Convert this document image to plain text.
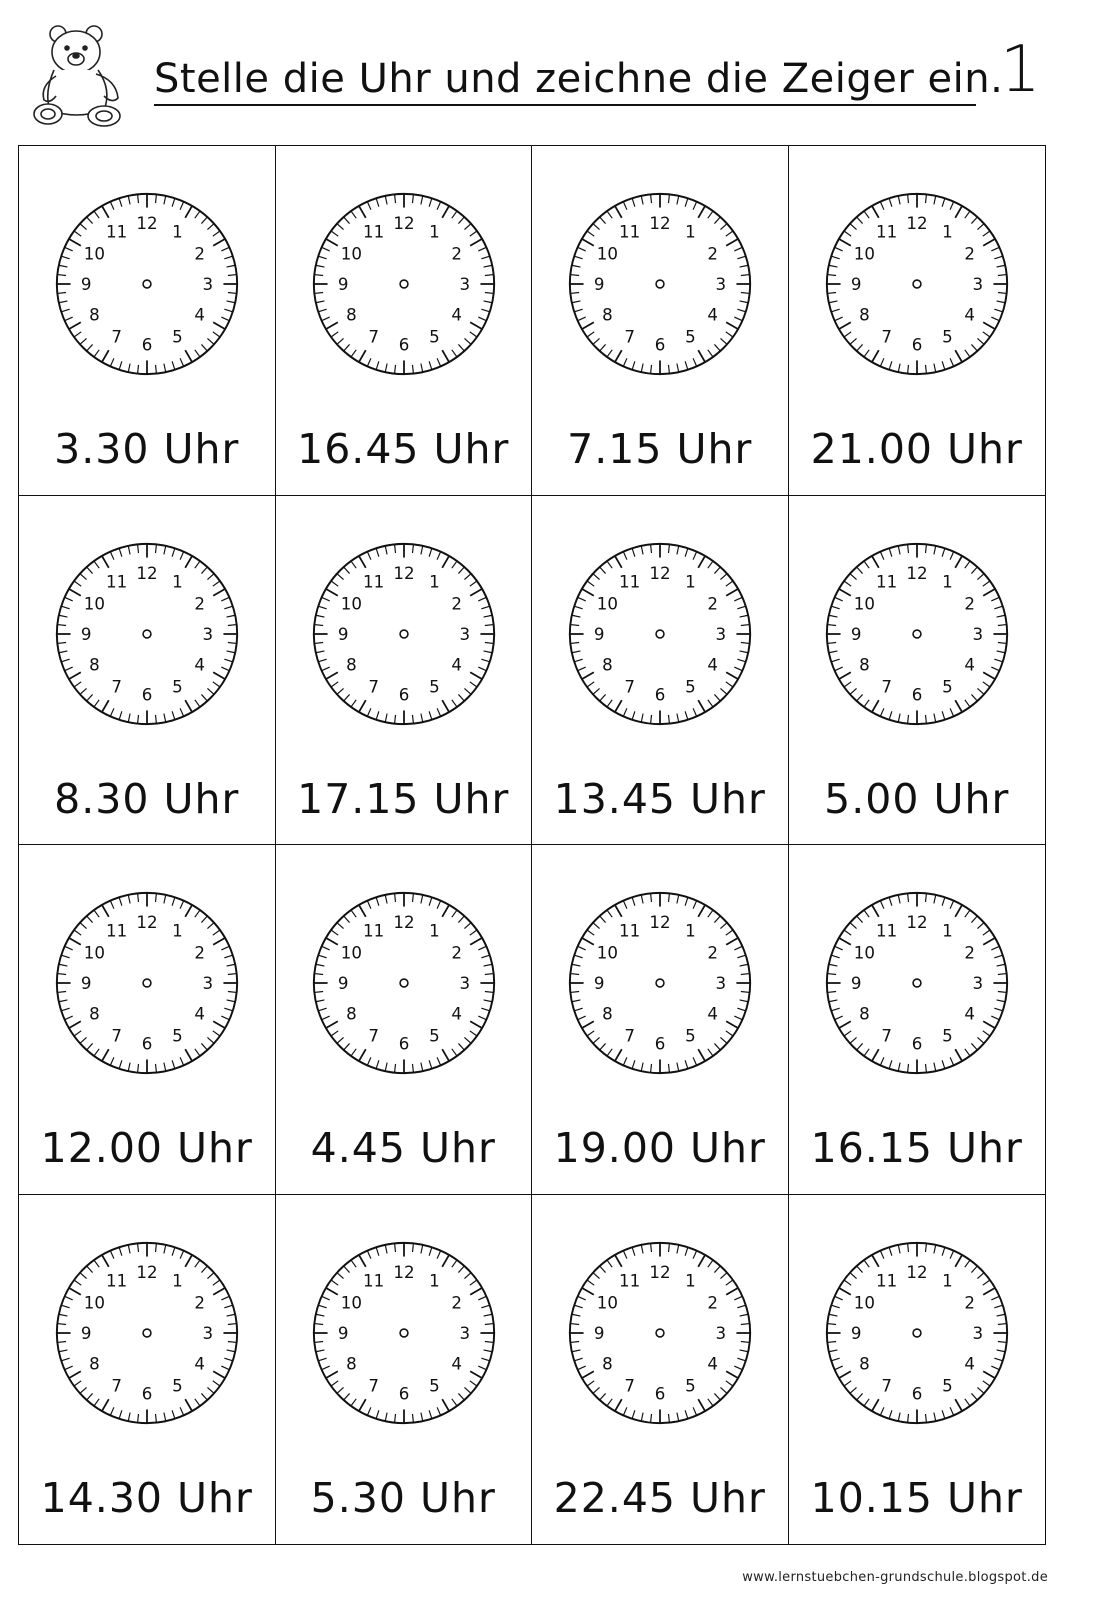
Stelle die Uhr und zeichne die Zeiger ein.
1
12 1
2
3
4
5
6
7
8
9
10
11
3.30 Uhr
12 1
2
3
4
5
6
7
8
9
10
11
16.45 Uhr
12 1
2
3
4
5
6
7
8
9
10
11
7.15 Uhr
12 1
2
3
4
5
6
7
8
9
10
11
21.00 Uhr
12 1
2
3
4
5
6
7
8
9
10
11
8.30 Uhr
12 1
2
3
4
5
6
7
8
9
10
11
17.15 Uhr
12 1
2
3
4
5
6
7
8
9
10
11
13.45 Uhr
12 1
2
3
4
5
6
7
8
9
10
11
5.00 Uhr
12 1
2
3
4
5
6
7
8
9
10
11
12.00 Uhr
12 1
2
3
4
5
6
7
8
9
10
11
4.45 Uhr
12 1
2
3
4
5
6
7
8
9
10
11
19.00 Uhr
12 1
2
3
4
5
6
7
8
9
10
11
16.15 Uhr
12 1
2
3
4
5
6
7
8
9
10
11
14.30 Uhr
12 1
2
3
4
5
6
7
8
9
10
11
5.30 Uhr
12 1
2
3
4
5
6
7
8
9
10
11
22.45 Uhr
12 1
2
3
4
5
6
7
8
9
10
11
10.15 Uhr
www.lernstuebchen-grundschule.blogspot.de
